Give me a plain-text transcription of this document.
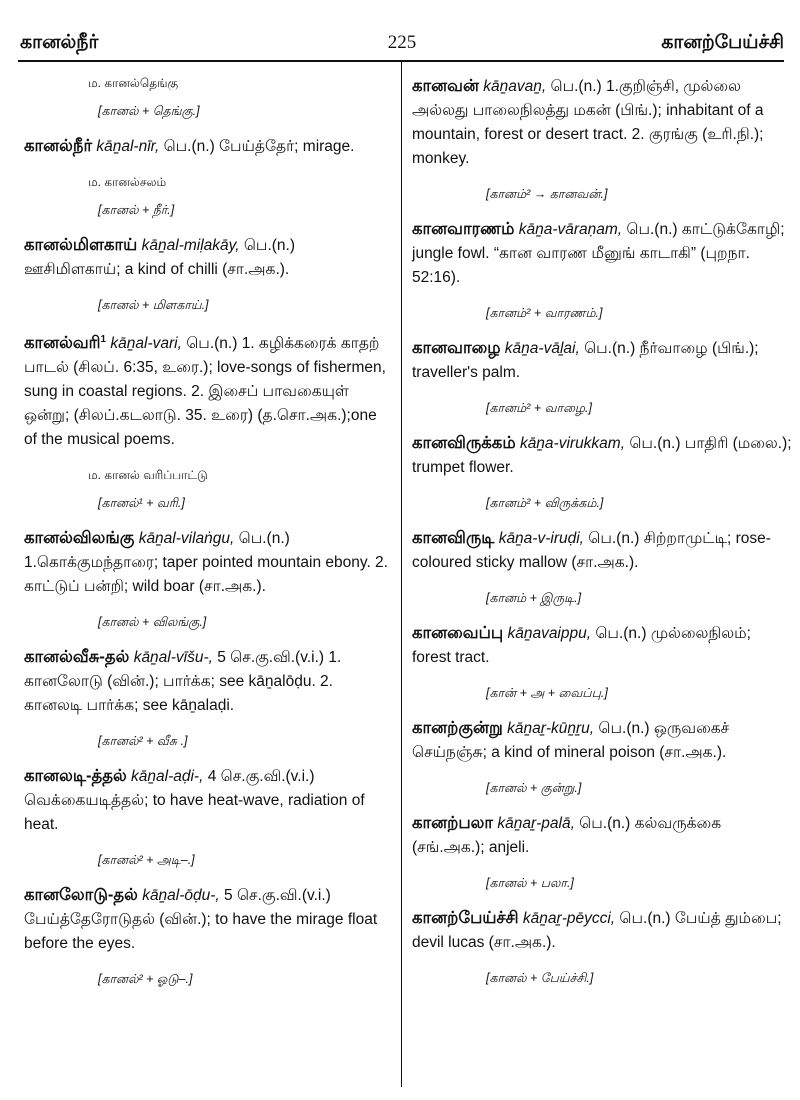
கானல்நீர்	225	கானற்பேய்ச்சி
ம. கானல்தெங்கு
[கானல் + தெங்கு.]
கானல்நீர் kāṉal-nīr, பெ.(n.) பேய்த்தேர்; mirage.
ம. கானல்சலம்
[கானல் + நீர்.]
கானல்மிளகாய் kāṉal-miḷakāy, பெ.(n.) ஊசிமிளகாய்; a kind of chilli (சா.அக.).
[கானல் + மிளகாய்.]
கானல்வரி$^1$ kāṉal-vari, பெ.(n.) 1. கழிக்கரைக் காதற் பாடல் (சிலப். 6:35, உரை.); love-songs of fishermen, sung in coastal regions. 2. இசைப் பாவகையுள் ஒன்று; (சிலப்.கடலாடு. 35. உரை) (த.சொ.அக.);one of the musical poems.
ம. கானல் வரிப்பாட்டு
[கானல்¹ + வரி.]
கானல்விலங்கு kāṉal-vilaṅgu, பெ.(n.) 1.கொக்குமந்தாரை; taper pointed mountain ebony. 2. காட்டுப் பன்றி; wild boar (சா.அக.).
[கானல் + விலங்கு.]
கானல்வீசு-தல் kāṉal-vīšu-, 5 செ.கு.வி.(v.i.) 1. கானலோடு (வின்.); பார்க்க; see kāṉalōḍu. 2. கானலடி பார்க்க; see kāṉalaḍi.
[கானல்² + வீசு .]
கானலடி-த்தல் kāṉal-aḍi-, 4 செ.கு.வி.(v.i.) வெக்கையடித்தல்; to have heat-wave, radiation of heat.
[கானல்² + அடி–.]
கானலோடு-தல் kāṉal-ōḍu-, 5 செ.கு.வி.(v.i.) பேய்த்தேரோடுதல் (வின்.); to have the mirage float before the eyes.
[கானல்² + ஓடு–.]
கானவன் kāṉavaṉ, பெ.(n.) 1.குறிஞ்சி, முல்லை அல்லது பாலைநிலத்து மகன் (பிங்.); inhabitant of a mountain, forest or desert tract. 2. குரங்கு (உரி.நி.); monkey.
[கானம்² → கானவன்.]
கானவாரணம் kāṉa-vāraṇam, பெ.(n.) காட்டுக்கோழி; jungle fowl. “கான வாரண மீனுங் காடாகி” (புறநா. 52:16).
[கானம்² + வாரணம்.]
கானவாழை kāṉa-vāḻai, பெ.(n.) நீர்வாழை (பிங்.); traveller's palm.
[கானம்² + வாழை.]
கானவிருக்கம் kāṉa-virukkam, பெ.(n.) பாதிரி (மலை.); trumpet flower.
[கானம்² + விருக்கம்.]
கானவிருடி kāṉa-v-iruḍi, பெ.(n.) சிற்றாமுட்டி; rose-coloured sticky mallow (சா.அக.).
[கானம் + இருடி.]
கானவைப்பு kāṉavaippu, பெ.(n.) முல்லைநிலம்; forest tract.
[கான் + அ + வைப்பு.]
கானற்குன்று kāṉaṟ-kūṉṟu, பெ.(n.) ஒருவகைச் செய்நஞ்சு; a kind of mineral poison (சா.அக.).
[கானல் + குன்று.]
கானற்பலா kāṉaṟ-palā, பெ.(n.) கல்வருக்கை (சங்.அக.); anjeli.
[கானல் + பலா.]
கானற்பேய்ச்சி kāṉaṟ-pēycci, பெ.(n.) பேய்த் தும்பை; devil lucas (சா.அக.).
[கானல் + பேய்ச்சி.]
